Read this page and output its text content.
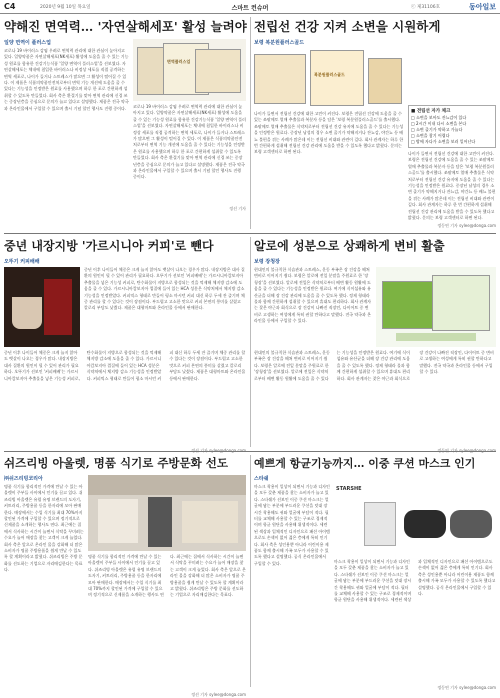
C4	2020년 9월 10일 목요일	스마트 컨슈머	ⓒ 제31106호	동아일보
약해진 면역력… '자연살해세포' 활성 늘려야
일양 면역이 플러스업
코로나 19 바이러스 감염 우려로 면역력 관리에 대한 관심이 높아지고 있다. 일양약품은 자연살해세포(NK세포) 활성에 도움을 줄 수 있는 기능성 원료를 함유한 건강기능식품 '일양 면역이 플러스업'을 선보였다. 자연살해세포는 체내에 침입한 바이러스나 비정상 세포를 직접 공격하는 면역 세포로, 나이가 들거나 스트레스가 많으면 그 활성이 떨어질 수 있다. 이 제품은 식품의약품안전처로부터 면역 기능 개선에 도움을 줄 수 있다는 기능성을 인정받은 원료를 사용했으며 하루 한 포로 간편하게 섭취할 수 있도록 만들었다. 회사 측은 환절기를 맞아 면역 관리에 신경 쓰는 중장년층을 중심으로 문의가 늘고 있다고 설명했다. 제품은 전국 약국과 온라인몰에서 구입할 수 있으며 출시 기념 할인 행사도 진행 중이다.
면역플러스업
코로나 19 바이러스 감염 우려로 면역력 관리에 대한 관심이 높아지고 있다. 일양약품은 자연살해세포(NK세포) 활성에 도움을 줄 수 있는 기능성 원료를 함유한 건강기능식품 '일양 면역이 플러스업'을 선보였다. 자연살해세포는 체내에 침입한 바이러스나 비정상 세포를 직접 공격하는 면역 세포로, 나이가 들거나 스트레스가 많으면 그 활성이 떨어질 수 있다. 이 제품은 식품의약품안전처로부터 면역 기능 개선에 도움을 줄 수 있다는 기능성을 인정받은 원료를 사용했으며 하루 한 포로 간편하게 섭취할 수 있도록 만들었다. 회사 측은 환절기를 맞아 면역 관리에 신경 쓰는 중장년층을 중심으로 문의가 늘고 있다고 설명했다. 제품은 전국 약국과 온라인몰에서 구입할 수 있으며 출시 기념 할인 행사도 진행 중이다.
정선 기자
전립선 건강 지켜 소변을 시원하게
보령 복분원플러스골드
복분원플러스골드
나이가 들면서 전립선 건강에 대한 고민이 커진다. 보령은 전립선 건강에 도움을 줄 수 있는 쏘팔메토 열매 추출물과 복분자 등을 담은 '보령 복분원플러스골드'를 출시했다. 쏘팔메토 열매 추출물은 식약처로부터 전립선 건강 유지에 도움을 줄 수 있다는 기능성을 인정받은 원료다. 중장년 남성의 경우 소변 줄기가 약해지거나 잔뇨감, 야간뇨 등 배뇨 불편을 겪는 사례가 많은데 이는 전립선 비대와 관련이 깊다. 회사 관계자는 하루 한 번 간편하게 섭취해 전립선 건강 관리에 도움을 받을 수 있도록 했다고 밝혔다. 문의는 보령 고객센터로 하면 된다.
■ 전립선 자가 체크
□ 소변을 보아도 잔뇨감이 있다
□ 2시간 이내 다시 소변을 본다
□ 소변 줄기가 약하고 가늘다
□ 소변을 참기 어렵다
□ 밤에 자다가 소변을 보러 일어난다
나이가 들면서 전립선 건강에 대한 고민이 커진다. 보령은 전립선 건강에 도움을 줄 수 있는 쏘팔메토 열매 추출물과 복분자 등을 담은 '보령 복분원플러스골드'를 출시했다. 쏘팔메토 열매 추출물은 식약처로부터 전립선 건강 유지에 도움을 줄 수 있다는 기능성을 인정받은 원료다. 중장년 남성의 경우 소변 줄기가 약해지거나 잔뇨감, 야간뇨 등 배뇨 불편을 겪는 사례가 많은데 이는 전립선 비대와 관련이 깊다. 회사 관계자는 하루 한 번 간편하게 섭취해 전립선 건강 관리에 도움을 받을 수 있도록 했다고 밝혔다. 문의는 보령 고객센터로 하면 된다.
정동연 기자 sylee@donga.com
중년 내장지방 '가르시니아 커피'로 뺀다
오뚜기 커피배배
중년 이후 나이들어 체중은 크게 늘지 않아도 뱃살이 나오는 경우가 많다. 내장지방은 대사 질환의 원인이 될 수 있어 관리가 필요하다. 오뚜기가 선보인 '커피배배'는 가르시니아캄보지아 추출물을 넣은 기능성 커피로, 탄수화물이 지방으로 합성되는 것을 억제해 체지방 감소에 도움을 줄 수 있다. 가르시니아캄보지아 껍질에 들어 있는 HCA 성분은 식약처에서 체지방 감소 기능성을 인정받았다. 커피믹스 형태로 만들어 평소 마시던 커피 대신 하루 두세 잔 즐기며 체중 관리를 할 수 있다는 것이 장점이다. 부드럽고 고소한 맛으로 커피 본연의 풍미를 살렸고 칼로리 부담도 낮췄다. 제품은 대형마트와 온라인몰 등에서 판매한다.
중년 이후 나이들어 체중은 크게 늘지 않아도 뱃살이 나오는 경우가 많다. 내장지방은 대사 질환의 원인이 될 수 있어 관리가 필요하다. 오뚜기가 선보인 '커피배배'는 가르시니아캄보지아 추출물을 넣은 기능성 커피로, 탄수화물이 지방으로 합성되는 것을 억제해 체지방 감소에 도움을 줄 수 있다. 가르시니아캄보지아 껍질에 들어 있는 HCA 성분은 식약처에서 체지방 감소 기능성을 인정받았다. 커피믹스 형태로 만들어 평소 마시던 커피 대신 하루 두세 잔 즐기며 체중 관리를 할 수 있다는 것이 장점이다. 부드럽고 고소한 맛으로 커피 본연의 풍미를 살렸고 칼로리 부담도 낮췄다. 제품은 대형마트와 온라인몰 등에서 판매한다.
알로에 성분으로 상쾌하게 변비 활출
보령 장청장
현대인의 불규칙한 식습관과 스트레스, 운동 부족은 장 건강을 해쳐 변비로 이어지기 쉽다. 보령은 알로에 전잎 분말을 주원료로 한 '장청장'을 선보였다. 알로에 전잎은 식약처로부터 배변 활동 원활에 도움을 줄 수 있다는 기능성을 인정받은 원료다. 여기에 식이섬유와 유산균을 더해 장 건강 관리에 도움을 줄 수 있도록 했다. 정제 형태라 물과 함께 간편하게 섭취할 수 있으며 휴대도 편리하다. 회사 관계자는 잦은 야근과 회식으로 장 건강이 나빠진 직장인, 다이어트 중 변비로 고생하는 여성에게 특히 권할 만하다고 말했다. 전국 약국과 온라인몰 등에서 구입할 수 있다.
현대인의 불규칙한 식습관과 스트레스, 운동 부족은 장 건강을 해쳐 변비로 이어지기 쉽다. 보령은 알로에 전잎 분말을 주원료로 한 '장청장'을 선보였다. 알로에 전잎은 식약처로부터 배변 활동 원활에 도움을 줄 수 있다는 기능성을 인정받은 원료다. 여기에 식이섬유와 유산균을 더해 장 건강 관리에 도움을 줄 수 있도록 했다. 정제 형태라 물과 함께 간편하게 섭취할 수 있으며 휴대도 편리하다. 회사 관계자는 잦은 야근과 회식으로 장 건강이 나빠진 직장인, 다이어트 중 변비로 고생하는 여성에게 특히 권할 만하다고 말했다. 전국 약국과 온라인몰 등에서 구입할 수 있다.
쉬즈리빙 아울렛, 명품 식기로 주방문화 선도
㈜쉬즈리빙코리아
명품 식기를 합리적인 가격에 만날 수 있는 아울렛이 주부들 사이에서 인기를 끌고 있다. 쉬즈리빙 아울렛은 유럽 유명 브랜드의 도자기, 커트러리, 주방용품 등을 한자리에 모아 판매한다. 매장에서는 수입 식기를 최대 70%까지 할인된 가격에 구입할 수 있으며 정기적으로 신제품을 소개하는 행사도 연다. 최근에는 집에서 식사하는 시간이 늘면서 식탁을 꾸미려는 수요가 늘어 매장을 찾는 고객이 크게 늘었다. 회사 측은 앞으로 온라인 몰을 강화해 더 많은 소비자가 명품 주방용품을 쉽게 만날 수 있도록 할 계획이라고 밝혔다. 쉬즈리빙은 주방 문화를 선도하는 기업으로 자리매김한다는 목표다.
명품 식기를 합리적인 가격에 만날 수 있는 아울렛이 주부들 사이에서 인기를 끌고 있다. 쉬즈리빙 아울렛은 유럽 유명 브랜드의 도자기, 커트러리, 주방용품 등을 한자리에 모아 판매한다. 매장에서는 수입 식기를 최대 70%까지 할인된 가격에 구입할 수 있으며 정기적으로 신제품을 소개하는 행사도 연다. 최근에는 집에서 식사하는 시간이 늘면서 식탁을 꾸미려는 수요가 늘어 매장을 찾는 고객이 크게 늘었다. 회사 측은 앞으로 온라인 몰을 강화해 더 많은 소비자가 명품 주방용품을 쉽게 만날 수 있도록 할 계획이라고 밝혔다. 쉬즈리빙은 주방 문화를 선도하는 기업으로 자리매김한다는 목표다.
정선 기자 sylee@donga.com
예쁘게 항균기능까지… 이중 쿠션 마스크 인기
스타쉐
마스크 착용이 일상이 되면서 기능과 디자인을 모두 갖춘 제품을 찾는 소비자가 늘고 있다. 스타쉐가 선보인 이중 쿠션 마스크는 얼굴에 닿는 부분에 부드러운 쿠션을 덧대 장시간 착용해도 귀와 얼굴에 부담이 적다. 필터를 교체해 사용할 수 있는 구조로 경제적이며 항균 원단을 사용해 위생적이다. 세련된 색상과 입체적인 디자인으로 패션 아이템으로도 손색이 없어 젊은 층에게 특히 인기다. 회사 측은 성인용뿐 아니라 어린이용 제품도 함께 출시해 가족 모두가 사용할 수 있도록 했다고 설명했다. 공식 온라인몰에서 구입할 수 있다.
STARSHE
마스크 착용이 일상이 되면서 기능과 디자인을 모두 갖춘 제품을 찾는 소비자가 늘고 있다. 스타쉐가 선보인 이중 쿠션 마스크는 얼굴에 닿는 부분에 부드러운 쿠션을 덧대 장시간 착용해도 귀와 얼굴에 부담이 적다. 필터를 교체해 사용할 수 있는 구조로 경제적이며 항균 원단을 사용해 위생적이다. 세련된 색상과 입체적인 디자인으로 패션 아이템으로도 손색이 없어 젊은 층에게 특히 인기다. 회사 측은 성인용뿐 아니라 어린이용 제품도 함께 출시해 가족 모두가 사용할 수 있도록 했다고 설명했다. 공식 온라인몰에서 구입할 수 있다.
정동연 기자 sylee@donga.com
